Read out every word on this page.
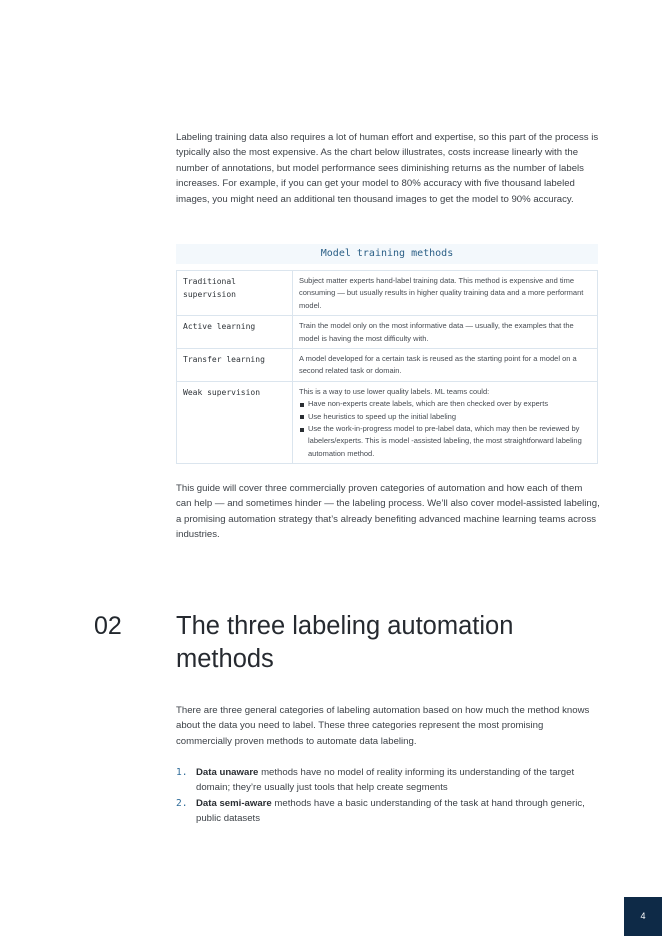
Labeling training data also requires a lot of human effort and expertise, so this part of the process is typically also the most expensive. As the chart below illustrates, costs increase linearly with the number of annotations, but model performance sees diminishing returns as the number of labels increases. For example, if you can get your model to 80% accuracy with five thousand labeled images, you might need an additional ten thousand images to get the model to 90% accuracy.

Model training methods
Traditional supervision	Subject matter experts hand-label training data. This method is expensive and time consuming — but usually results in higher quality training data and a more performant model.
Active learning	Train the model only on the most informative data — usually, the examples that the model is having the most difficulty with.
Transfer learning	A model developed for a certain task is reused as the starting point for a model on a second related task or domain.
Weak supervision	This is a way to use lower quality labels. ML teams could:
Have non-experts create labels, which are then checked over by experts
Use heuristics to speed up the initial labeling
Use the work-in-progress model to pre-label data, which may then be reviewed by labelers/experts. This is model -assisted labeling, the most straightforward labeling automation method.

This guide will cover three commercially proven categories of automation and how each of them can help — and sometimes hinder — the labeling process. We’ll also cover model-assisted labeling, a promising automation strategy that’s already benefiting advanced machine learning teams across industries.

02 The three labeling automation methods

There are three general categories of labeling automation based on how much the method knows about the data you need to label. These three categories represent the most promising commercially proven methods to automate data labeling.

1. Data unaware methods have no model of reality informing its understanding of the target domain; they’re usually just tools that help create segments
2. Data semi-aware methods have a basic understanding of the task at hand through generic, public datasets
4
